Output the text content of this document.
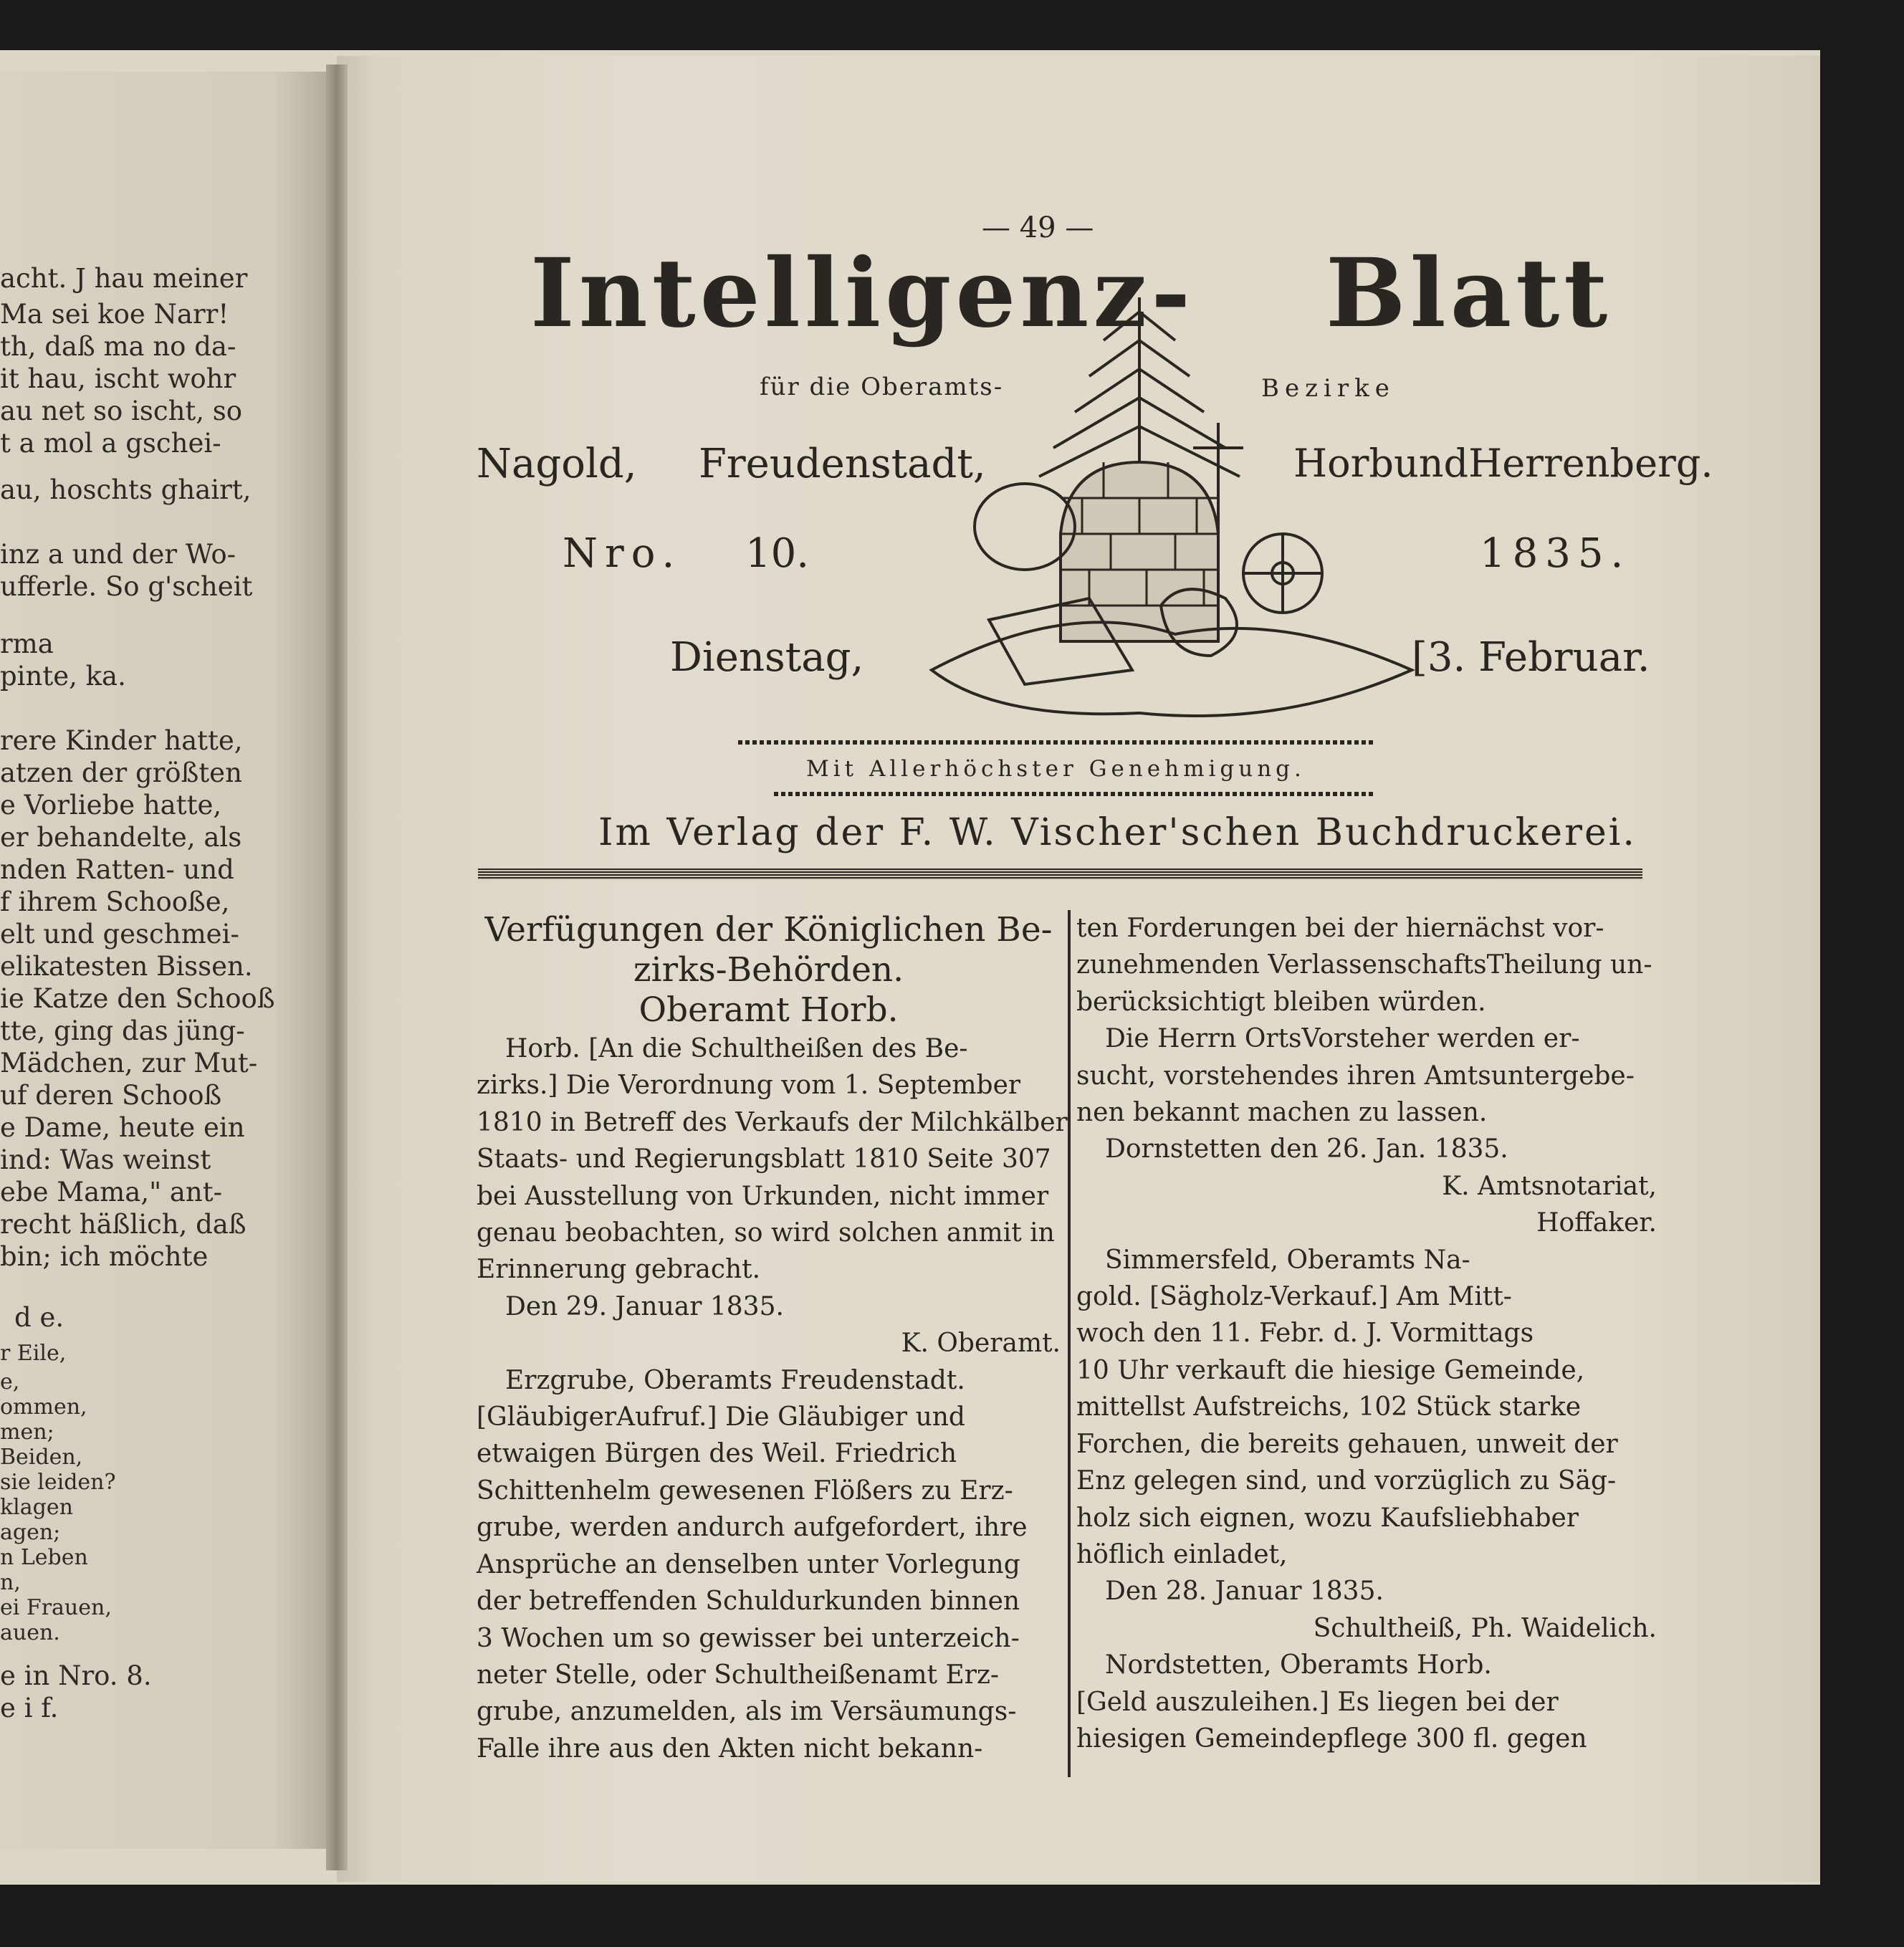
acht. J hau meiner
Ma sei koe Narr!
th, daß ma no da-
it hau, ischt wohr
au net so ischt, so
t a mol a gschei-
au, hoschts ghairt,
inz a und der Wo-
ufferle. So g'scheit
rma
pinte, ka.
rere Kinder hatte,
atzen der größten
e Vorliebe hatte,
er behandelte, als
nden Ratten- und
f ihrem Schooße,
elt und geschmei-
elikatesten Bissen.
ie Katze den Schooß
tte, ging das jüng-
Mädchen, zur Mut-
uf deren Schooß
e Dame, heute ein
ind: Was weinst
ebe Mama," ant-
recht häßlich, daß
bin; ich möchte
d e.
r Eile,
e,
ommen,
men;
Beiden,
sie leiden?
klagen
agen;
n Leben
n,
ei Frauen,
auen.
e in Nro. 8.
e i f.
— 49 —
Intelligenz- Blatt
für die Oberamts-	Bezirke
Nagold, Freudenstadt,	HorbundHerrenberg.
Nro. 10.	1835.
Dienstag,	[3. Februar.
Mit Allerhöchster Genehmigung.
Im Verlag der F. W. Vischer'schen Buchdruckerei.

Verfügungen der Königlichen Be-

zirks-Behörden.

Oberamt Horb.

Horb. [An die Schultheißen des Be-

zirks.] Die Verordnung vom 1. September

1810 in Betreff des Verkaufs der Milchkälber

Staats- und Regierungsblatt 1810 Seite 307

bei Ausstellung von Urkunden, nicht immer

genau beobachten, so wird solchen anmit in

Erinnerung gebracht.

Den 29. Januar 1835.

K. Oberamt.

Erzgrube, Oberamts Freudenstadt.

[GläubigerAufruf.] Die Gläubiger und

etwaigen Bürgen des Weil. Friedrich

Schittenhelm gewesenen Flößers zu Erz-

grube, werden andurch aufgefordert, ihre

Ansprüche an denselben unter Vorlegung

der betreffenden Schuldurkunden binnen

3 Wochen um so gewisser bei unterzeich-

neter Stelle, oder Schultheißenamt Erz-

grube, anzumelden, als im Versäumungs-

Falle ihre aus den Akten nicht bekann-

ten Forderungen bei der hiernächst vor-

zunehmenden VerlassenschaftsTheilung un-

berücksichtigt bleiben würden.

Die Herrn OrtsVorsteher werden er-

sucht, vorstehendes ihren Amtsuntergebe-

nen bekannt machen zu lassen.

Dornstetten den 26. Jan. 1835.

K. Amtsnotariat,

Hoffaker.

Simmersfeld, Oberamts Na-

gold. [Sägholz-Verkauf.] Am Mitt-

woch den 11. Febr. d. J. Vormittags

10 Uhr verkauft die hiesige Gemeinde,

mittellst Aufstreichs, 102 Stück starke

Forchen, die bereits gehauen, unweit der

Enz gelegen sind, und vorzüglich zu Säg-

holz sich eignen, wozu Kaufsliebhaber

höflich einladet,

Den 28. Januar 1835.

Schultheiß, Ph. Waidelich.

Nordstetten, Oberamts Horb.

[Geld auszuleihen.] Es liegen bei der

hiesigen Gemeindepflege 300 fl. gegen
